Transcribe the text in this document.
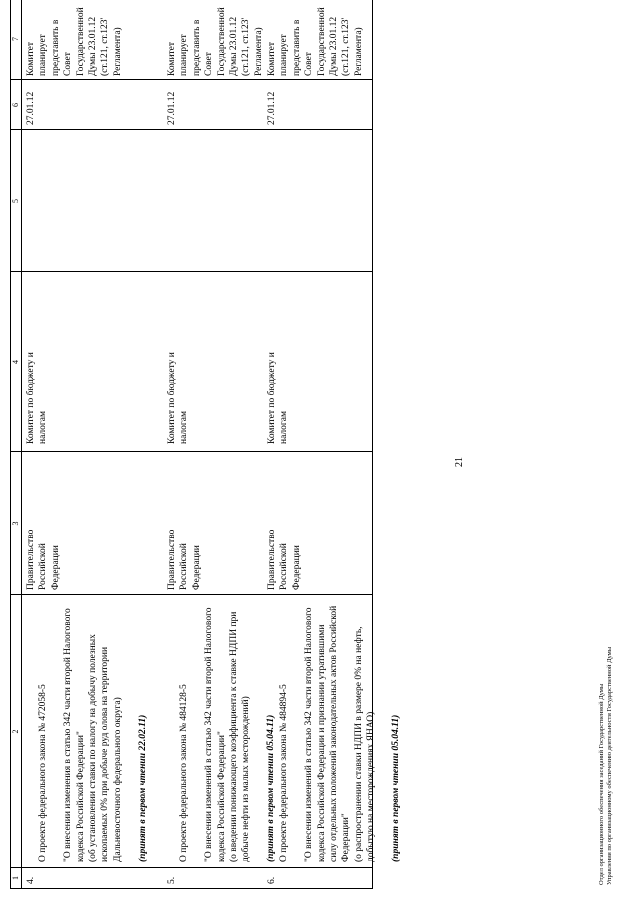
1
2
3
4
5
6
7
4.

О проекте федерального закона № 472058-5 "О внесении изменения в статью 342 части второй Налогового кодекса Российской Федерации"
(об установлении ставки по налогу на добычу полезных ископаемых 0% при добыче руд олова на территории Дальневосточного федерального округа)

(принят в первом чтении 22.02.11)

Правительство Российской Федерации
Комитет по бюджету и налогам
27.01.12
Комитет планирует представить в Совет Государственной Думы 23.01.12 (ст.121, ст.123' Регламента)
5.

О проекте федерального закона № 484128-5 "О внесении изменений в статью 342 части второй Налогового кодекса Российской Федерации"
(о введении понижающего коэффициента к ставке НДПИ при добыче нефти из малых месторождений) (принят в первом чтении 05.04.11)

Правительство Российской Федерации
Комитет по бюджету и налогам
27.01.12
Комитет планирует представить в Совет Государственной Думы 23.01.12 (ст.121, ст.123' Регламента)
6.

О проекте федерального закона № 484894-5 "О внесении изменений в статью 342 части второй Налогового кодекса Российской Федерации и признании утратившими силу отдельных положений законодательных актов Российской Федерации"
(о распространении ставки НДПИ в размере 0% на нефть, добытую на месторождениях ЯНАО) (принят в первом чтении 05.04.11)

Правительство Российской Федерации
Комитет по бюджету и налогам
27.01.12
Комитет планирует представить в Совет Государственной Думы 23.01.12 (ст.121, ст.123' Регламента)
21
Отдел организационного обеспечения заседаний Государственной Думы Управления по организационному обеспечению деятельности Государственной Думы
